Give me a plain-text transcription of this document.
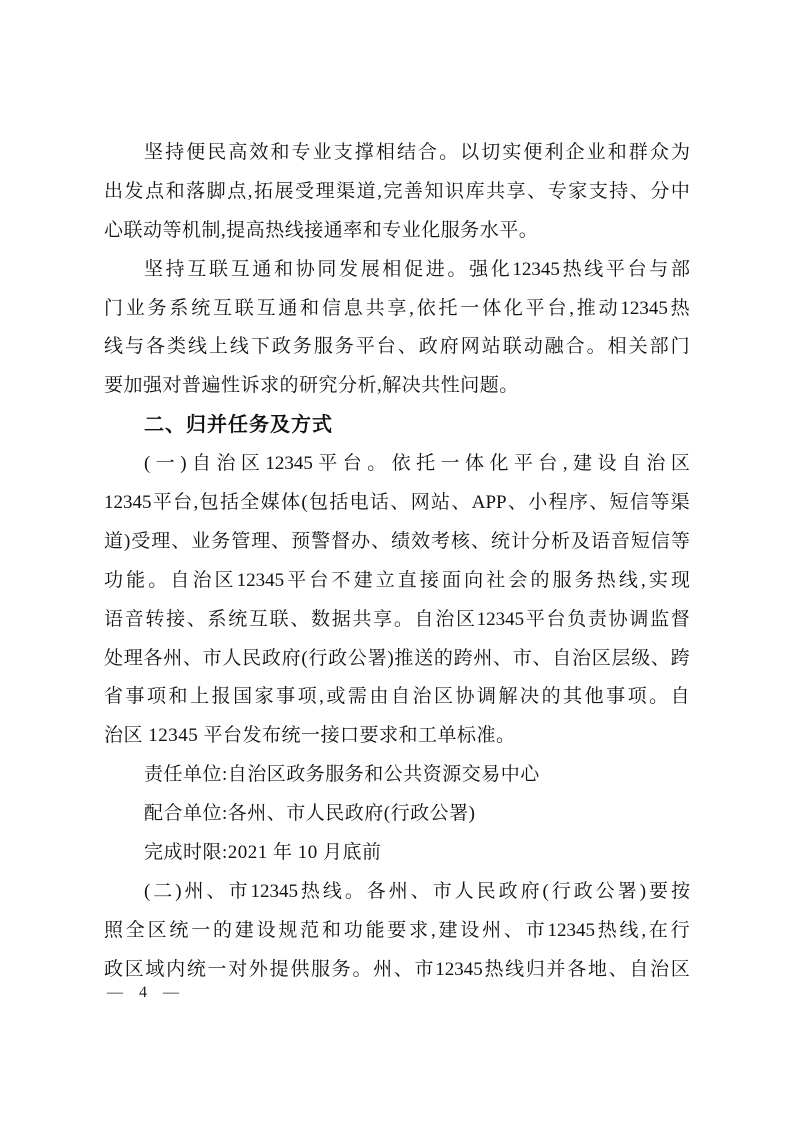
坚 持 便 民 高 效 和 专 业 支 撑 相 结 合 。 以 切 实 便 利 企 业 和 群 众 为
出 发 点 和 落 脚 点 , 拓 展 受 理 渠 道 , 完 善 知 识 库 共 享 、 专 家 支 持 、 分 中
心联动等机制,提高热线接通率和专业化服务水平。
坚 持 互 联 互 通 和 协 同 发 展 相 促 进 。 强 化 12345 热 线 平 台 与 部
门 业 务 系 统 互 联 互 通 和 信 息 共 享 , 依 托 一 体 化 平 台 , 推 动 12345 热
线 与 各 类 线 上 线 下 政 务 服 务 平 台 、 政 府 网 站 联 动 融 合 。 相 关 部 门
要加强对普遍性诉求的研究分析,解决共性问题。
二、归并任务及方式
( 一 ) 自 治 区 12345 平 台 。 依 托 一 体 化 平 台 , 建 设 自 治 区
12345 平 台 , 包 括 全 媒 体 ( 包 括 电 话 、 网 站 、 APP 、 小 程 序 、 短 信 等 渠
道 ) 受 理 、 业 务 管 理 、 预 警 督 办 、 绩 效 考 核 、 统 计 分 析 及 语 音 短 信 等
功 能 。 自 治 区 12345 平 台 不 建 立 直 接 面 向 社 会 的 服 务 热 线 , 实 现
语 音 转 接 、 系 统 互 联 、 数 据 共 享 。 自 治 区 12345 平 台 负 责 协 调 监 督
处 理 各 州 、 市 人 民 政 府 ( 行 政 公 署 ) 推 送 的 跨 州 、 市 、 自 治 区 层 级 、 跨
省 事 项 和 上 报 国 家 事 项 , 或 需 由 自 治 区 协 调 解 决 的 其 他 事 项 。 自
治区 12345 平台发布统一接口要求和工单标准。
责任单位:自治区政务服务和公共资源交易中心
配合单位:各州、市人民政府(行政公署)
完成时限:2021 年 10 月底前
( 二 ) 州 、 市 12345 热 线 。 各 州 、 市 人 民 政 府 ( 行 政 公 署 ) 要 按
照 全 区 统 一 的 建 设 规 范 和 功 能 要 求 , 建 设 州 、 市 12345 热 线 , 在 行
政 区 域 内 统 一 对 外 提 供 服 务 。 州 、 市 12345 热 线 归 并 各 地 、 自 治 区
— 4 —
